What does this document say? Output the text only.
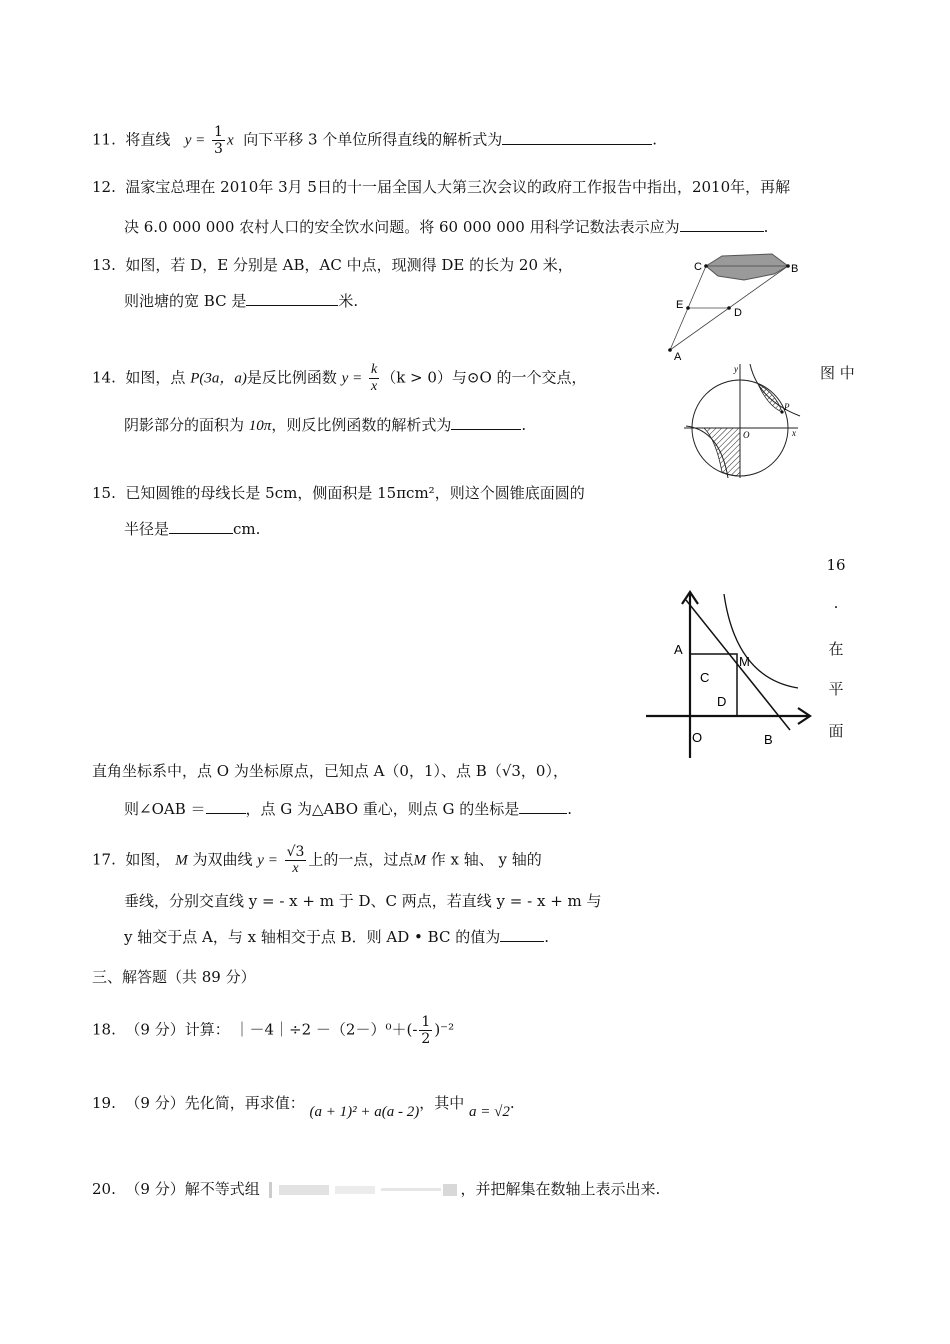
11. 将直线 $y = \frac{1}{3}$ x 向下平移 3 个单位所得直线的解析式为	.
12. 温家宝总理在 2010年 3月 5日的十一届全国人大第三次会议的政府工作报告中指出，2010年，再解
决 6.0 000 000 农村人口的安全饮水问题。将 60 000 000 用科学记数法表示应为	.
13. 如图，若 D，E 分别是 AB，AC 中点，现测得 DE 的长为 20 米，
则池塘的宽 BC 是	米.
C	B
E
D
A
14. 如图，点 P(3a，a)是反比例函数 $y = \frac{k}{x} (k > 0)$与⊙O 的一个交点，	图 中
阴影部分的面积为 10π，则反比例函数的解析式为	.
y
x
O
P
15. 已知圆锥的母线长是 5cm，侧面积是 15πcm²，则这个圆锥底面圆的
半径是	cm.
16
.
在
平
面
A
M
C
D
O	B
直角坐标系中，点 O 为坐标原点，已知点 A（0，1）、点 B（√3，0），
则∠OAB ＝	，点 G 为△ABO 重心，则点 G 的坐标是	.
17. 如图， M 为双曲线 $y = \frac{√3}{x}$ 上的一点，过点M 作 x 轴、 y 轴的
垂线，分别交直线 y = - x + m 于 D、C 两点，若直线 y = - x + m 与
y 轴交于点 A，与 x 轴相交于点 B．则 AD • BC 的值为	.
三、解答题（共 89 分）
18. （9 分）计算： ｜－4｜÷2 $-(2-)^0+(- \frac{1}{2} )^{-2}$
19. （9 分）先化简，再求值： (a + 1)² + a(a - 2)，其中 a = √2.
20. （9 分）解不等式组	，并把解集在数轴上表示出来.
